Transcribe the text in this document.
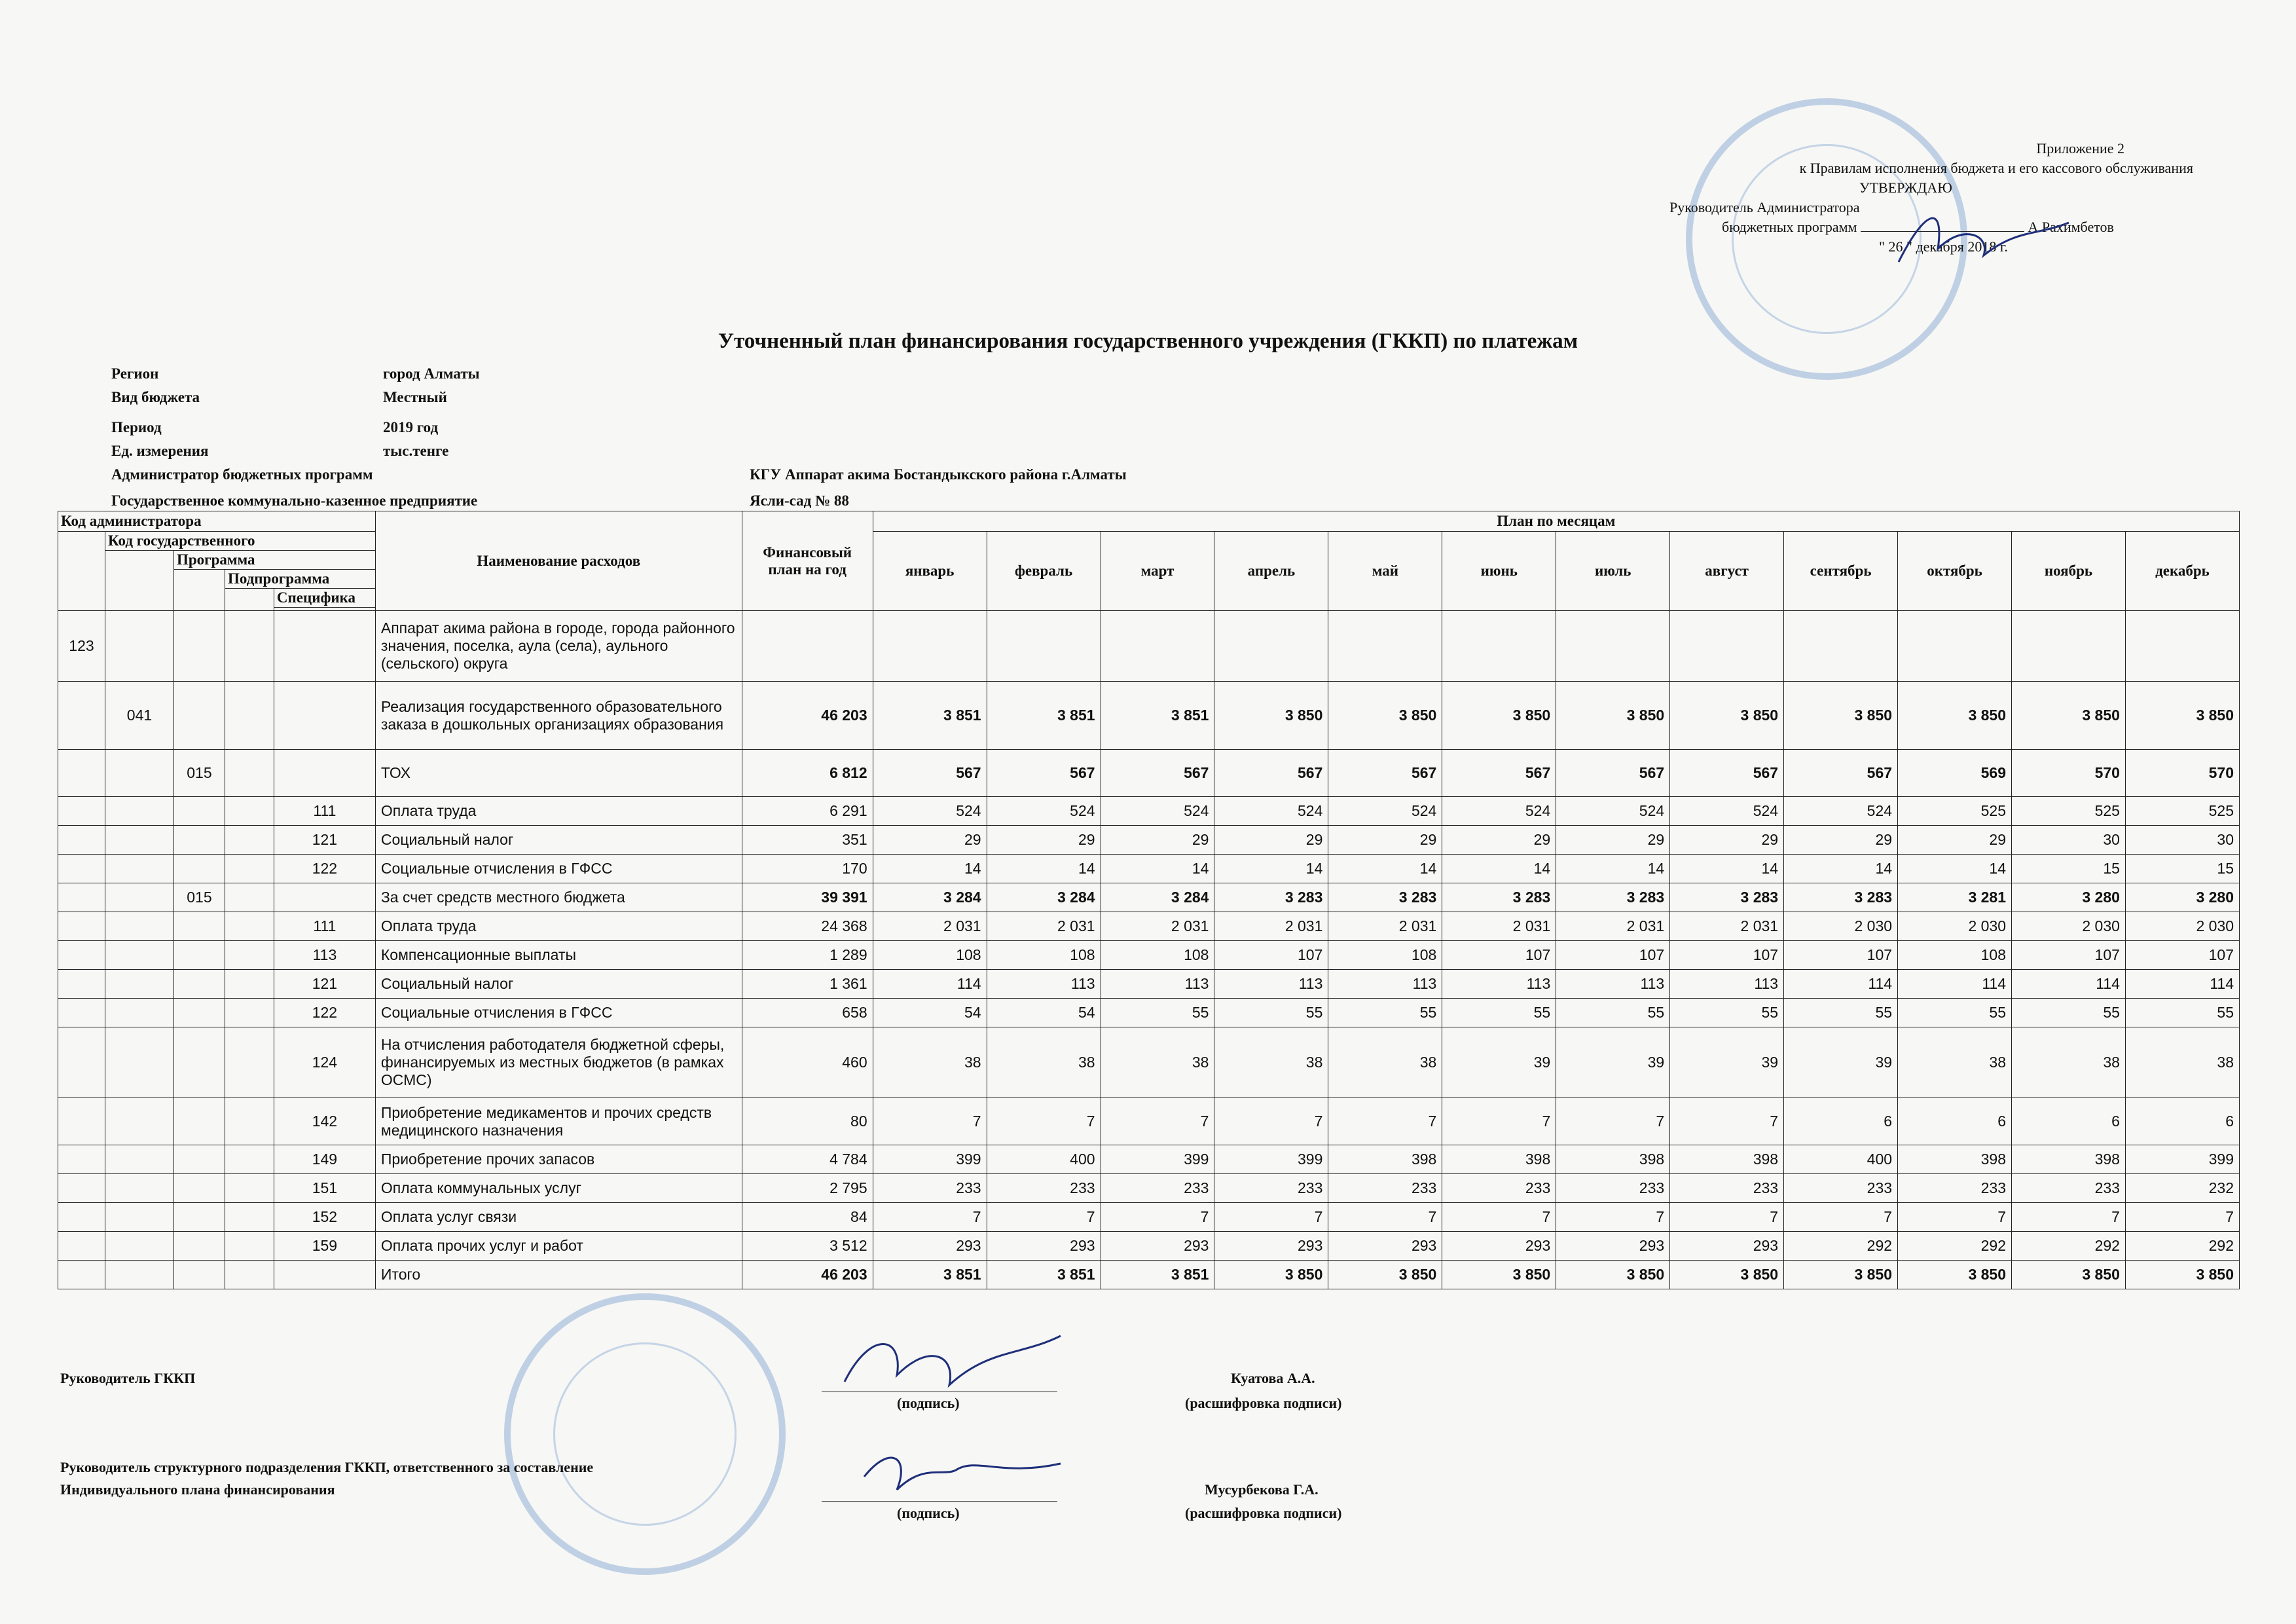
Приложение 2
к Правилам исполнения бюджета и его кассового обслуживания
УТВЕРЖДАЮ
Руководитель Администратора
бюджетных программ	А.Рахимбетов
" 26 " декабря 2018 г.
Уточненный план финансирования государственного учреждения (ГККП) по платежам
Регион	город Алматы
Вид бюджета	Местный
Период	2019 год
Ед. измерения	тыс.тенге
Администратор бюджетных программ	КГУ Аппарат акима Бостандыкского района г.Алматы
Государственное коммунально-казенное предприятие	Ясли-сад № 88
Код администратора					Наименование расходов	Финансовый план на год	План по месяцам											
	Код государственного						январь	февраль	март	апрель	май	июнь	июль	август	сентябрь	октябрь	ноябрь	декабрь
		Программа																
			Подпрограмма															
				Специфика														

123					Аппарат акима района в городе, города районного значения, поселка, аула (села), аульного (сельского) округа													
	041				Реализация государственного образовательного заказа в дошкольных организациях образования	46 203	3 851	3 851	3 851	3 850	3 850	3 850	3 850	3 850	3 850	3 850	3 850	3 850
		015			ТОХ	6 812	567	567	567	567	567	567	567	567	567	569	570	570
				111	Оплата труда	6 291	524	524	524	524	524	524	524	524	524	525	525	525
				121	Социальный налог	351	29	29	29	29	29	29	29	29	29	29	30	30
				122	Социальные отчисления в ГФСС	170	14	14	14	14	14	14	14	14	14	14	15	15
		015			За счет средств местного бюджета	39 391	3 284	3 284	3 284	3 283	3 283	3 283	3 283	3 283	3 283	3 281	3 280	3 280
				111	Оплата труда	24 368	2 031	2 031	2 031	2 031	2 031	2 031	2 031	2 031	2 030	2 030	2 030	2 030
				113	Компенсационные выплаты	1 289	108	108	108	107	108	107	107	107	107	108	107	107
				121	Социальный налог	1 361	114	113	113	113	113	113	113	113	114	114	114	114
				122	Социальные отчисления в ГФСС	658	54	54	55	55	55	55	55	55	55	55	55	55
				124	На отчисления работодателя бюджетной сферы, финансируемых из местных бюджетов (в рамках ОСМС)	460	38	38	38	38	38	39	39	39	39	38	38	38
				142	Приобретение медикаментов и прочих средств медицинского назначения	80	7	7	7	7	7	7	7	7	6	6	6	6
				149	Приобретение прочих запасов	4 784	399	400	399	399	398	398	398	398	400	398	398	399
				151	Оплата коммунальных услуг	2 795	233	233	233	233	233	233	233	233	233	233	233	232
				152	Оплата услуг связи	84	7	7	7	7	7	7	7	7	7	7	7	7
				159	Оплата прочих услуг и работ	3 512	293	293	293	293	293	293	293	293	292	292	292	292
					Итого	46 203	3 851	3 851	3 851	3 850	3 850	3 850	3 850	3 850	3 850	3 850	3 850	3 850
Руководитель ГККП
(подпись)
Куатова А.А.
(расшифровка подписи)
Руководитель структурного подразделения ГККП, ответственного за составление
Индивидуального плана финансирования	Мусурбекова Г.А.
(подпись)	(расшифровка подписи)
